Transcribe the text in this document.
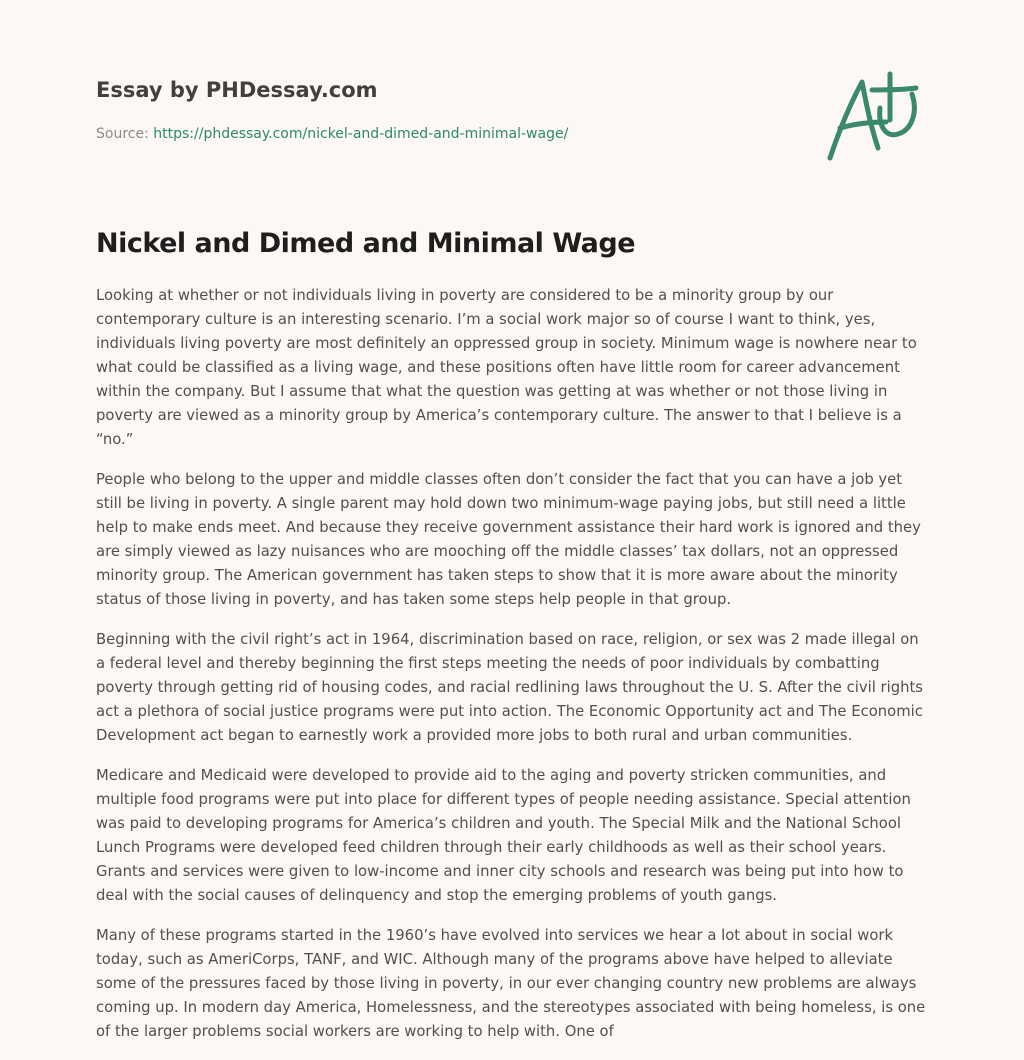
Essay by PHDessay.com
Source: https://phdessay.com/nickel-and-dimed-and-minimal-wage/
Nickel and Dimed and Minimal Wage

Looking at whether or not individuals living in poverty are considered to be a minority group by our contemporary culture is an interesting scenario. I’m a social work major so of course I want to think, yes, individuals living poverty are most definitely an oppressed group in society. Minimum wage is nowhere near to what could be classified as a living wage, and these positions often have little room for career advancement within the company. But I assume that what the question was getting at was whether or not those living in poverty are viewed as a minority group by America’s contemporary culture. The answer to that I believe is a “no.”

People who belong to the upper and middle classes often don’t consider the fact that you can have a job yet still be living in poverty. A single parent may hold down two minimum-wage paying jobs, but still need a little help to make ends meet. And because they receive government assistance their hard work is ignored and they are simply viewed as lazy nuisances who are mooching off the middle classes’ tax dollars, not an oppressed minority group. The American government has taken steps to show that it is more aware about the minority status of those living in poverty, and has taken some steps help people in that group.

Beginning with the civil right’s act in 1964, discrimination based on race, religion, or sex was 2 made illegal on a federal level and thereby beginning the first steps meeting the needs of poor individuals by combatting poverty through getting rid of housing codes, and racial redlining laws throughout the U. S. After the civil rights act a plethora of social justice programs were put into action. The Economic Opportunity act and The Economic Development act began to earnestly work a provided more jobs to both rural and urban communities.

Medicare and Medicaid were developed to provide aid to the aging and poverty stricken communities, and multiple food programs were put into place for different types of people needing assistance. Special attention was paid to developing programs for America’s children and youth. The Special Milk and the National School Lunch Programs were developed feed children through their early childhoods as well as their school years. Grants and services were given to low-income and inner city schools and research was being put into how to deal with the social causes of delinquency and stop the emerging problems of youth gangs.

Many of these programs started in the 1960’s have evolved into services we hear a lot about in social work today, such as AmeriCorps, TANF, and WIC. Although many of the programs above have helped to alleviate some of the pressures faced by those living in poverty, in our ever changing country new problems are always coming up. In modern day America, Homelessness, and the stereotypes associated with being homeless, is one of the larger problems social workers are working to help with. One of
